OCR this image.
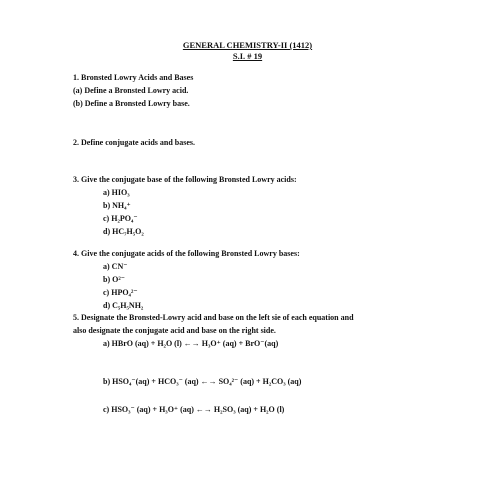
GENERAL CHEMISTRY-II (1412)
S.I. # 19
1. Bronsted Lowry Acids and Bases
(a) Define a Bronsted Lowry acid.
(b) Define a Bronsted Lowry base.
2. Define conjugate acids and bases.
3. Give the conjugate base of the following Bronsted Lowry acids:
a) HIO₃
b) NH₄⁺
c) H₂PO₄⁻
d) HC₇H₅O₂
4. Give the conjugate acids of the following Bronsted Lowry bases:
a) CN⁻
b) O²⁻
c) HPO₄²⁻
d) C₅H₅NH₂
5. Designate the Bronsted-Lowry acid and base on the left sie of each equation and
also designate the conjugate acid and base on the right side.
a) HBrO (aq) + H₂O (l) ←→ H₃O⁺ (aq) + BrO⁻(aq)
b) HSO₄⁻(aq) + HCO₃⁻ (aq) ←→ SO₄²⁻ (aq) + H₂CO₃ (aq)
c) HSO₃⁻ (aq) + H₃O⁺ (aq) ←→ H₂SO₃ (aq) + H₂O (l)
